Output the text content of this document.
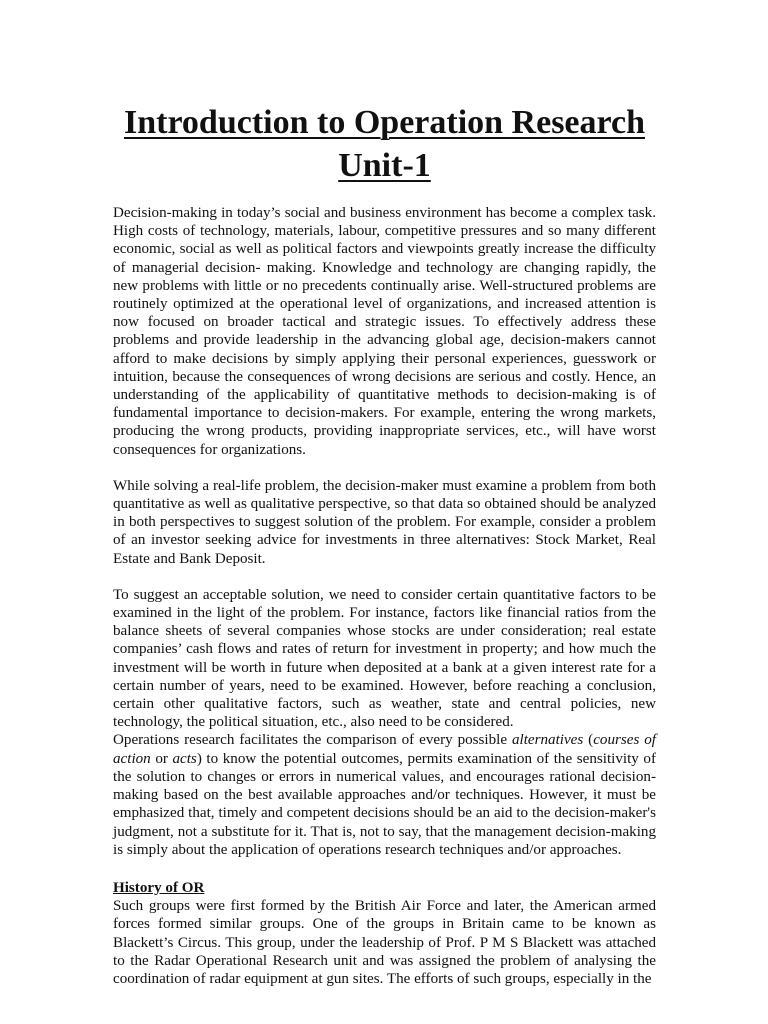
Introduction to Operation Research
Unit-1

Decision-making in today’s social and business environment has become a complex task. High costs of technology, materials, labour, competitive pressures and so many different economic, social as well as political factors and viewpoints greatly increase the difficulty of managerial decision- making. Knowledge and technology are changing rapidly, the new problems with little or no precedents continually arise. Well-structured problems are routinely optimized at the operational level of organizations, and increased attention is now focused on broader tactical and strategic issues. To effectively address these problems and provide leadership in the advancing global age, decision-makers cannot afford to make decisions by simply applying their personal experiences, guesswork or intuition, because the consequences of wrong decisions are serious and costly. Hence, an understanding of the applicability of quantitative methods to decision-making is of fundamental importance to decision-makers. For example, entering the wrong markets, producing the wrong products, providing inappropriate services, etc., will have worst consequences for organizations.

While solving a real-life problem, the decision-maker must examine a problem from both quantitative as well as qualitative perspective, so that data so obtained should be analyzed in both perspectives to suggest solution of the problem. For example, consider a problem of an investor seeking advice for investments in three alternatives: Stock Market, Real Estate and Bank Deposit.

To suggest an acceptable solution, we need to consider certain quantitative factors to be examined in the light of the problem. For instance, factors like financial ratios from the balance sheets of several companies whose stocks are under consideration; real estate companies’ cash flows and rates of return for investment in property; and how much the investment will be worth in future when deposited at a bank at a given interest rate for a certain number of years, need to be examined. However, before reaching a conclusion, certain other qualitative factors, such as weather, state and central policies, new technology, the political situation, etc., also need to be considered.

Operations research facilitates the comparison of every possible alternatives (courses of action or acts) to know the potential outcomes, permits examination of the sensitivity of the solution to changes or errors in numerical values, and encourages rational decision-making based on the best available approaches and/or techniques. However, it must be emphasized that, timely and competent decisions should be an aid to the decision-maker's judgment, not a substitute for it. That is, not to say, that the management decision-making is simply about the application of operations research techniques and/or approaches.

History of OR

Such groups were first formed by the British Air Force and later, the American armed forces formed similar groups. One of the groups in Britain came to be known as Blackett’s Circus. This group, under the leadership of Prof. P M S Blackett was attached to the Radar Operational Research unit and was assigned the problem of analysing the coordination of radar equipment at gun sites. The efforts of such groups, especially in the
